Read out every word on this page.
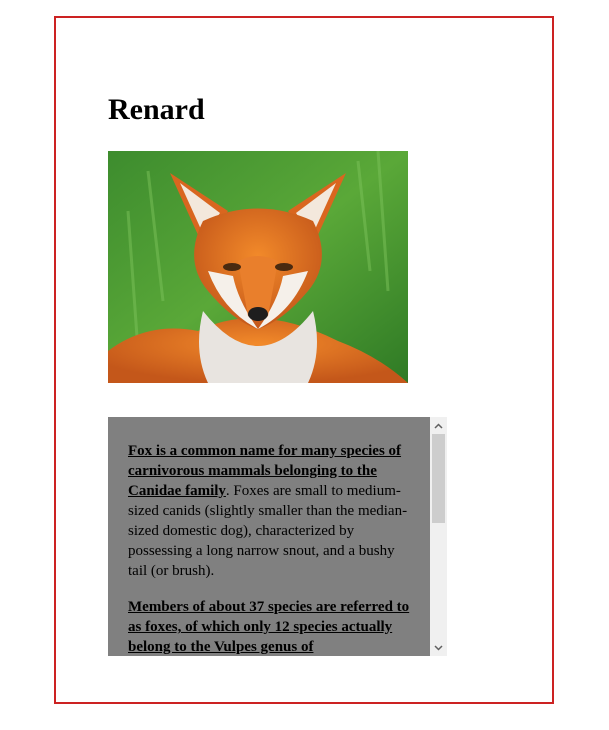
Renard

Fox is a common name for many species of carnivorous mammals belonging to the Canidae family. Foxes are small to medium-sized canids (slightly smaller than the median-sized domestic dog), characterized by possessing a long narrow snout, and a bushy tail (or brush).

Members of about 37 species are referred to as foxes, of which only 12 species actually belong to the Vulpes genus of
